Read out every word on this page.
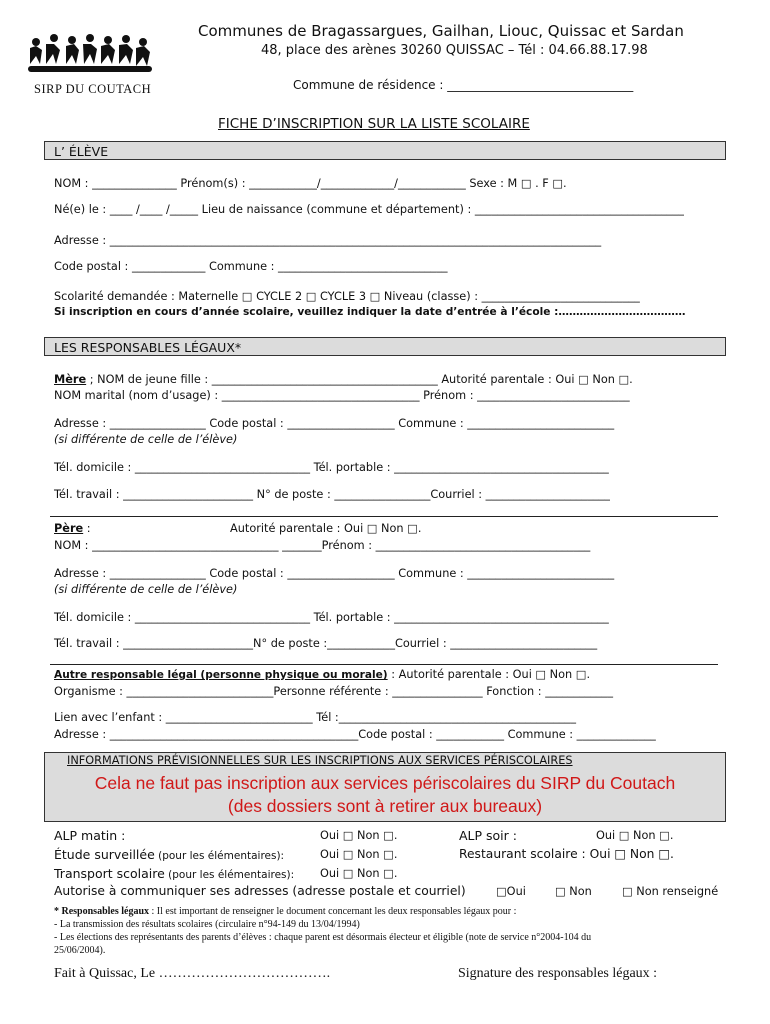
SIRP DU COUTACH
Communes de Bragassargues, Gailhan, Liouc, Quissac et Sardan
48, place des arènes 30260 QUISSAC – Tél : 04.66.88.17.98
Commune de résidence : _______________________________
FICHE D’INSCRIPTION SUR LA LISTE SCOLAIRE
L’ ÉLÈVE
NOM : _______________ Prénom(s) : ____________/_____________/____________ Sexe : M □ . F □.
Né(e) le : ____ /____ /_____ Lieu de naissance (commune et département) : _____________________________________
Adresse : _______________________________________________________________________________________
Code postal : _____________ Commune : ______________________________
Scolarité demandée : Maternelle □ CYCLE 2 □ CYCLE 3 □ Niveau (classe) : ____________________________
Si inscription en cours d’année scolaire, veuillez indiquer la date d’entrée à l’école :………………………………
LES RESPONSABLES LÉGAUX*
Mère ; NOM de jeune fille : ________________________________________ Autorité parentale : Oui □ Non □.
NOM marital (nom d’usage) : ___________________________________ Prénom : ___________________________
Adresse : _________________ Code postal : ___________________ Commune : __________________________
(si différente de celle de l’élève)
Tél. domicile : _______________________________ Tél. portable : ______________________________________
Tél. travail : _______________________ N° de poste : _________________Courriel : ______________________
Père :	Autorité parentale : Oui □ Non □.
NOM : _________________________________ _______Prénom : ______________________________________
Adresse : _________________ Code postal : ___________________ Commune : __________________________
(si différente de celle de l’élève)
Tél. domicile : _______________________________ Tél. portable : ______________________________________
Tél. travail : _______________________N° de poste :____________Courriel : __________________________
Autre responsable légal (personne physique ou morale) : Autorité parentale : Oui □ Non □.
Organisme : __________________________Personne référente : ________________ Fonction : ____________
Lien avec l’enfant : __________________________ Tél :__________________________________________
Adresse : ____________________________________________Code postal : ____________ Commune : ______________
INFORMATIONS PRÉVISIONNELLES SUR LES INSCRIPTIONS AUX SERVICES PÉRISCOLAIRES
Cela ne faut pas inscription aux services périscolaires du SIRP du Coutach
(des dossiers sont à retirer aux bureaux)
ALP matin :	Oui □ Non □.	ALP soir :	Oui □ Non □.
Étude surveillée (pour les élémentaires):	Oui □ Non □.	Restaurant scolaire : Oui □ Non □.
Transport scolaire (pour les élémentaires): Oui □ Non □.
Autorise à communiquer ses adresses (adresse postale et courriel)	□Oui	□ Non	□ Non renseigné
* Responsables légaux : Il est important de renseigner le document concernant les deux responsables légaux pour :
- La transmission des résultats scolaires (circulaire n°94-149 du 13/04/1994)
- Les élections des représentants des parents d’élèves : chaque parent est désormais électeur et éligible (note de service n°2004-104 du
25/06/2004).
Fait à Quissac, Le ……………………………….	Signature des responsables légaux :
